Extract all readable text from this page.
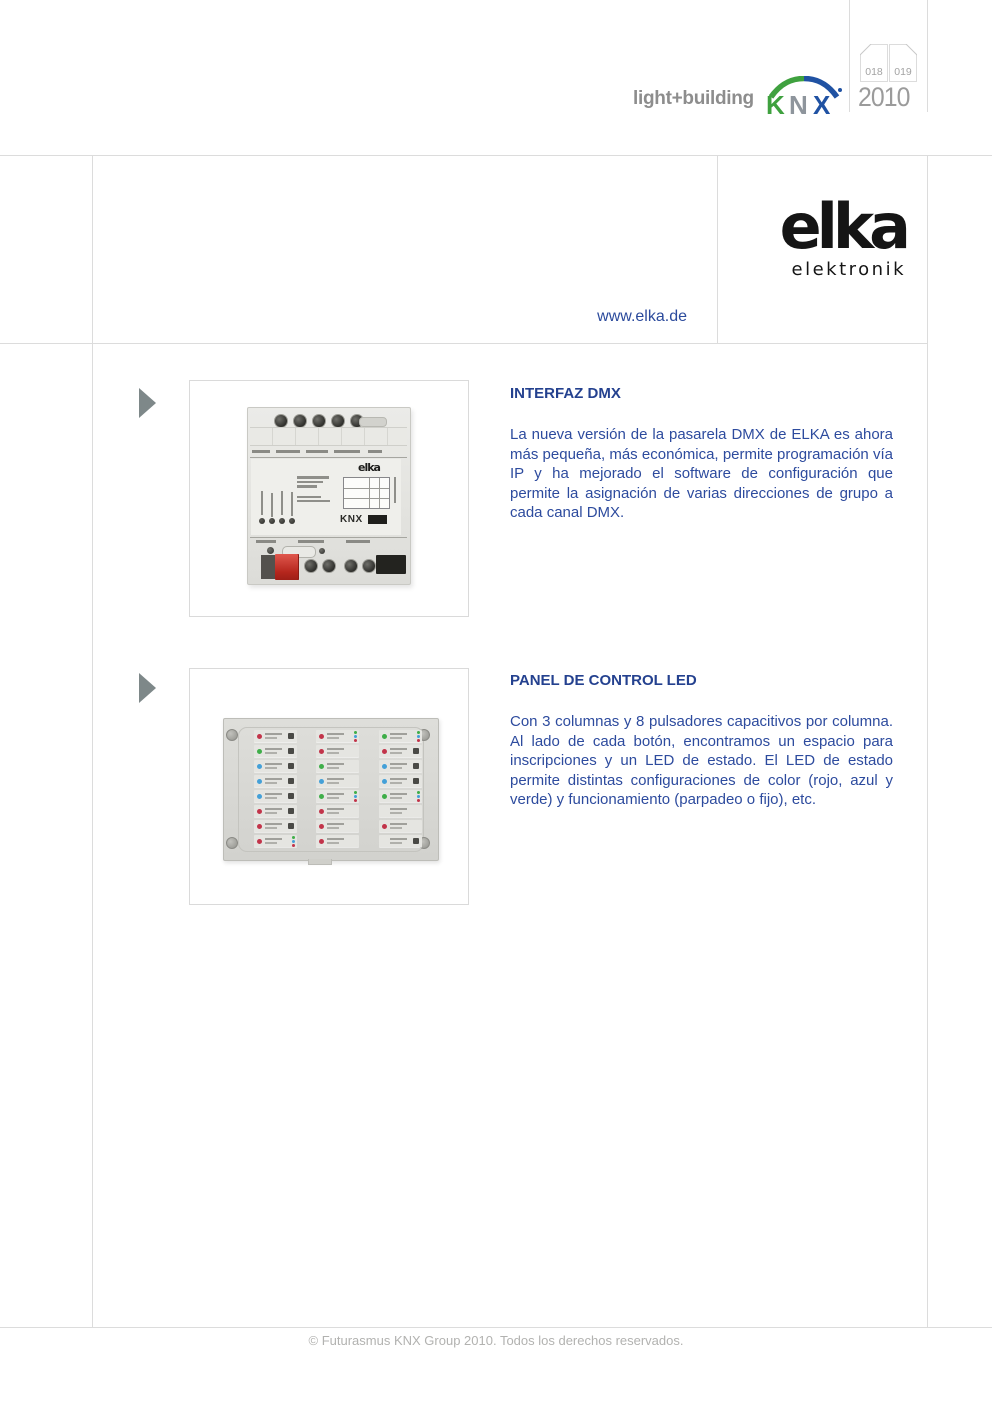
light+building K N X
018	019
2010
elka
elektronik
www.elka.de
elka
KNX
INTERFAZ DMX

La nueva versión de la pasarela DMX de ELKA es ahora más pequeña, más económica, permite programación vía IP y ha mejorado el software de configuración que permite la asignación de varias direcciones de grupo a cada canal DMX.

PANEL DE CONTROL LED

Con 3 columnas y 8 pulsadores capacitivos por columna. Al lado de cada botón, encontramos un espacio para inscripciones y un LED de estado. El LED de estado permite distintas configuraciones de color (rojo, azul y verde) y funcionamiento (parpadeo o fijo), etc.

© Futurasmus KNX Group 2010. Todos los derechos reservados.
